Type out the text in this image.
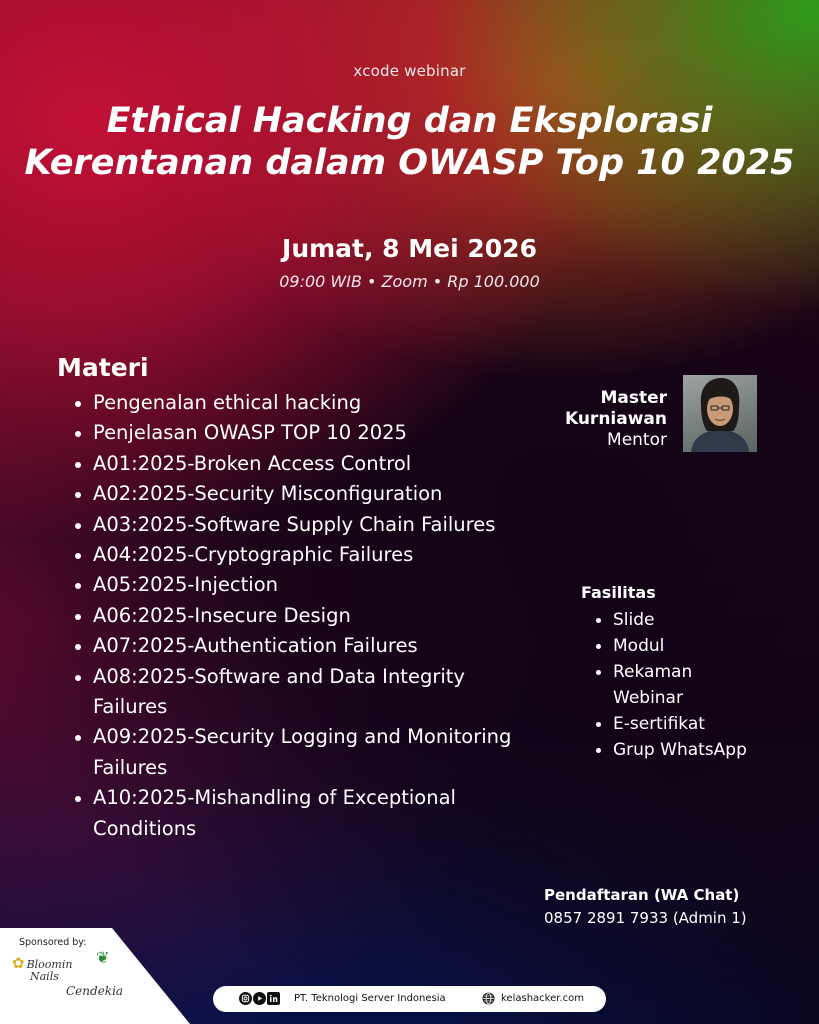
xcode webinar
Ethical Hacking dan Eksplorasi
Kerentanan dalam OWASP Top 10 2025
Jumat, 8 Mei 2026
09:00 WIB • Zoom • Rp 100.000
Materi
Pengenalan ethical hacking
Penjelasan OWASP TOP 10 2025
A01:2025-Broken Access Control
A02:2025-Security Misconfiguration
A03:2025-Software Supply Chain Failures
A04:2025-Cryptographic Failures
A05:2025-Injection
A06:2025-Insecure Design
A07:2025-Authentication Failures
A08:2025-Software and Data Integrity Failures
A09:2025-Security Logging and Monitoring Failures
A10:2025-Mishandling of Exceptional Conditions
Master
Kurniawan
Mentor
Fasilitas
Slide
Modul
Rekaman Webinar
E-sertifikat
Grup WhatsApp
Pendaftaran (WA Chat)
0857 2891 7933 (Admin 1)
Sponsored by:
✿ Bloomin
Nails
❦
Cendekia
PT. Teknologi Server Indonesia	kelashacker.com
